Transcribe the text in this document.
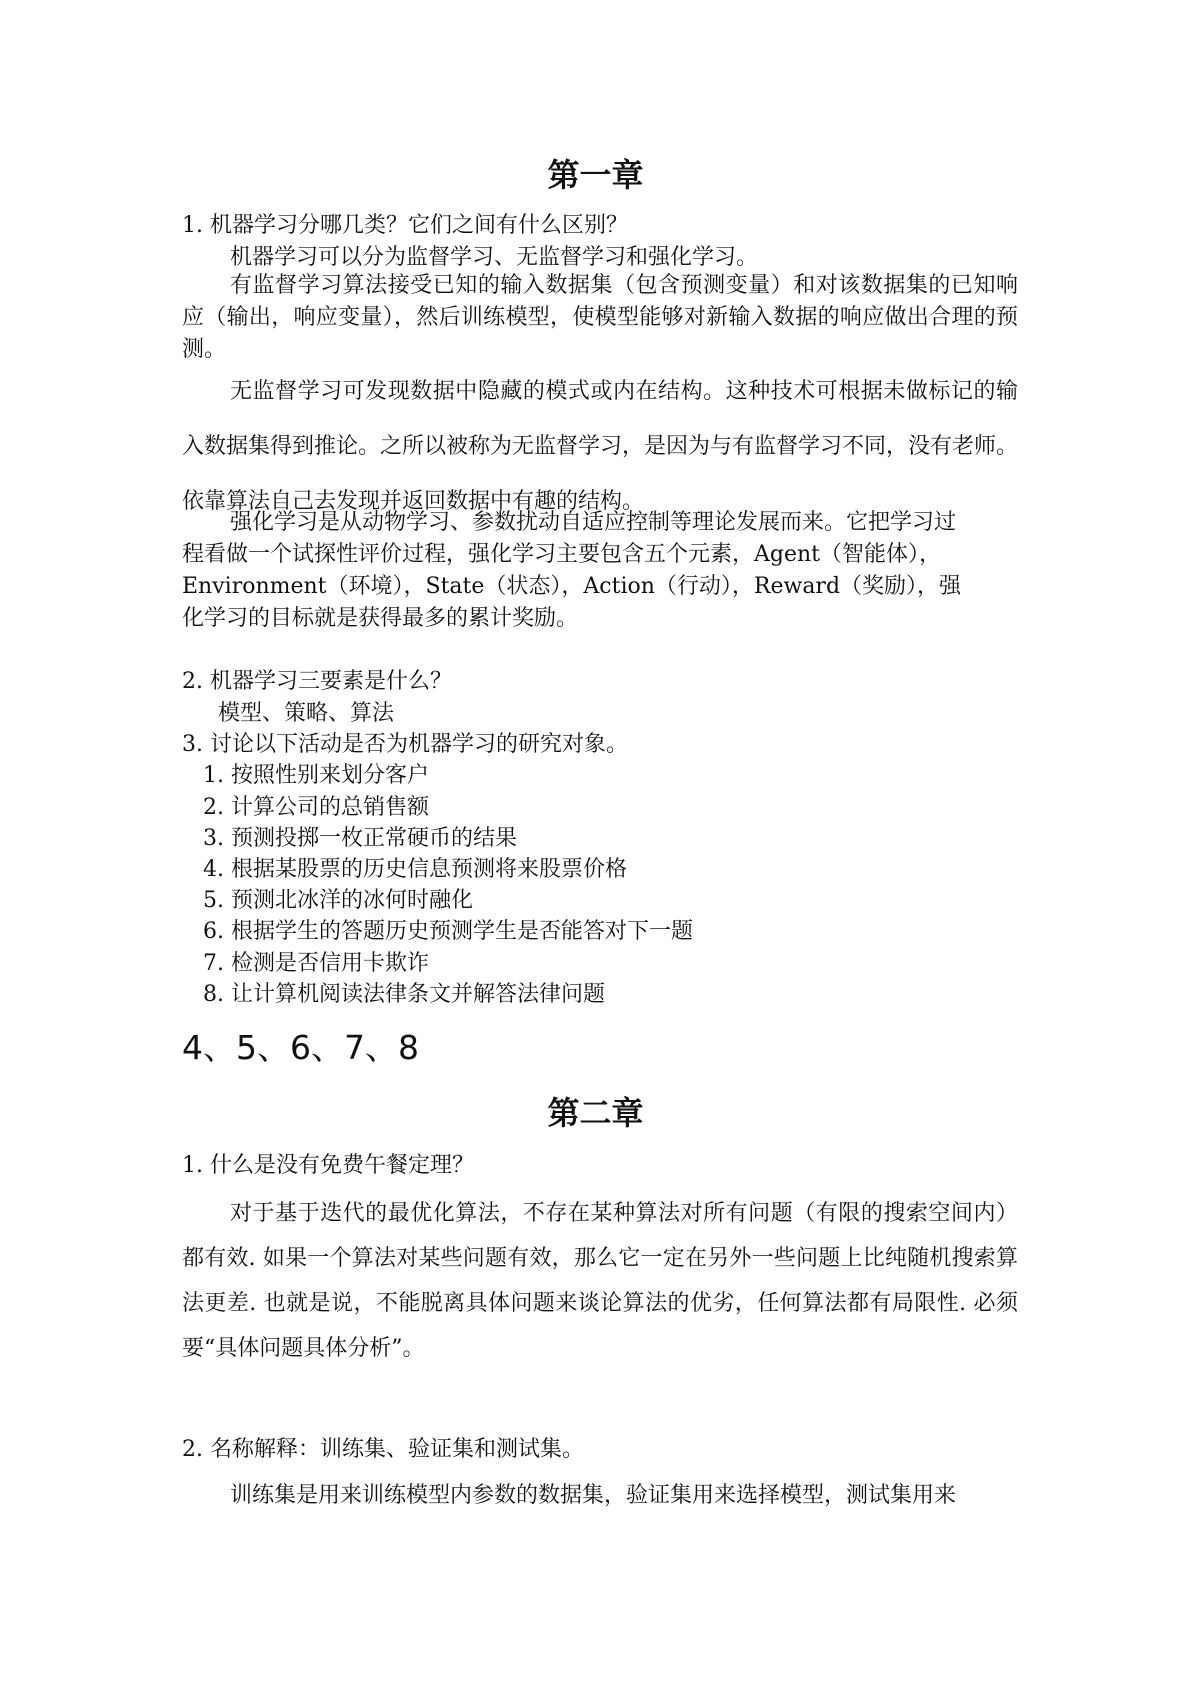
第一章
1. 机器学习分哪几类？它们之间有什么区别？
机器学习可以分为监督学习、无监督学习和强化学习。
有监督学习算法接受已知的输入数据集（包含预测变量）和对该数据集的已知响应（输出，响应变量），然后训练模型，使模型能够对新输入数据的响应做出合理的预测。
无监督学习可发现数据中隐藏的模式或内在结构。这种技术可根据未做标记的输入数据集得到推论。之所以被称为无监督学习，是因为与有监督学习不同，没有老师。依靠算法自己去发现并返回数据中有趣的结构。
强化学习是从动物学习、参数扰动自适应控制等理论发展而来。它把学习过
程看做一个试探性评价过程，强化学习主要包含五个元素，Agent（智能体），
Environment（环境），State（状态），Action（行动），Reward（奖励），强
化学习的目标就是获得最多的累计奖励。
2. 机器学习三要素是什么？
模型、策略、算法
3. 讨论以下活动是否为机器学习的研究对象。
1. 按照性别来划分客户
2. 计算公司的总销售额
3. 预测投掷一枚正常硬币的结果
4. 根据某股票的历史信息预测将来股票价格
5. 预测北冰洋的冰何时融化
6. 根据学生的答题历史预测学生是否能答对下一题
7. 检测是否信用卡欺诈
8. 让计算机阅读法律条文并解答法律问题
4、5、6、7、8
第二章
1. 什么是没有免费午餐定理？
对于基于迭代的最优化算法，不存在某种算法对所有问题（有限的搜索空间内）都有效. 如果一个算法对某些问题有效，那么它一定在另外一些问题上比纯随机搜索算法更差. 也就是说，不能脱离具体问题来谈论算法的优劣，任何算法都有局限性. 必须要“具体问题具体分析”。
2. 名称解释：训练集、验证集和测试集。
训练集是用来训练模型内参数的数据集，验证集用来选择模型，测试集用来
